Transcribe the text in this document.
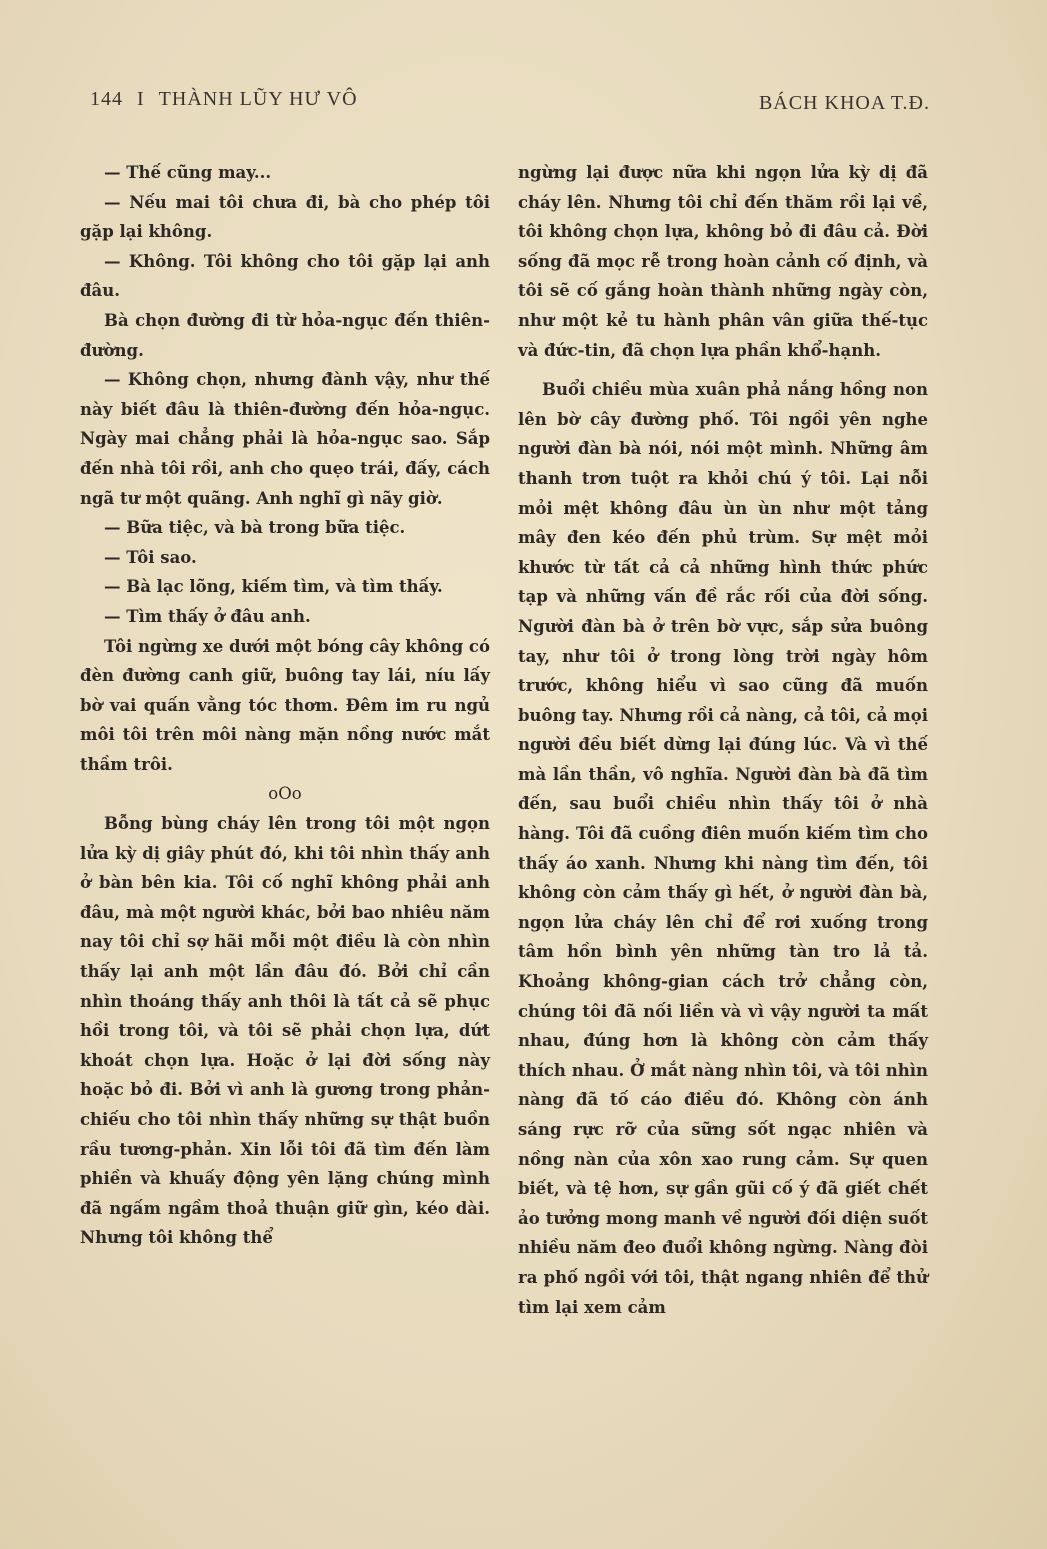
144 I THÀNH LŨY HƯ VÔ	BÁCH KHOA T.Đ.

— Thế cũng may...

— Nếu mai tôi chưa đi, bà cho phép tôi gặp lại không.

— Không. Tôi không cho tôi gặp lại anh đâu.

Bà chọn đường đi từ hỏa-ngục đến thiên-đường.

— Không chọn, nhưng đành vậy, như thế này biết đâu là thiên-đường đến hỏa-ngục. Ngày mai chẳng phải là hỏa-ngục sao. Sắp đến nhà tôi rồi, anh cho quẹo trái, đấy, cách ngã tư một quãng. Anh nghĩ gì nãy giờ.

— Bữa tiệc, và bà trong bữa tiệc.

— Tôi sao.

— Bà lạc lõng, kiếm tìm, và tìm thấy.

— Tìm thấy ở đâu anh.

Tôi ngừng xe dưới một bóng cây không có đèn đường canh giữ, buông tay lái, níu lấy bờ vai quấn vằng tóc thơm. Đêm im ru ngủ môi tôi trên môi nàng mặn nồng nước mắt thầm trôi.

oOo

Bỗng bùng cháy lên trong tôi một ngọn lửa kỳ dị giây phút đó, khi tôi nhìn thấy anh ở bàn bên kia. Tôi cố nghĩ không phải anh đâu, mà một người khác, bởi bao nhiêu năm nay tôi chỉ sợ hãi mỗi một điều là còn nhìn thấy lại anh một lần đâu đó. Bởi chỉ cần nhìn thoáng thấy anh thôi là tất cả sẽ phục hồi trong tôi, và tôi sẽ phải chọn lựa, dứt khoát chọn lựa. Hoặc ở lại đời sống này hoặc bỏ đi. Bởi vì anh là gương trong phản-chiếu cho tôi nhìn thấy những sự thật buồn rầu tương-phản. Xin lỗi tôi đã tìm đến làm phiền và khuấy động yên lặng chúng mình đã ngấm ngầm thoả thuận giữ gìn, kéo dài. Nhưng tôi không thể

ngừng lại được nữa khi ngọn lửa kỳ dị đã cháy lên. Nhưng tôi chỉ đến thăm rồi lại về, tôi không chọn lựa, không bỏ đi đâu cả. Đời sống đã mọc rễ trong hoàn cảnh cố định, và tôi sẽ cố gắng hoàn thành những ngày còn, như một kẻ tu hành phân vân giữa thế-tục và đức-tin, đã chọn lựa phần khổ-hạnh.

Buổi chiều mùa xuân phả nắng hồng non lên bờ cây đường phố. Tôi ngồi yên nghe người đàn bà nói, nói một mình. Những âm thanh trơn tuột ra khỏi chú ý tôi. Lại nỗi mỏi mệt không đâu ùn ùn như một tảng mây đen kéo đến phủ trùm. Sự mệt mỏi khước từ tất cả cả những hình thức phức tạp và những vấn đề rắc rối của đời sống. Người đàn bà ở trên bờ vực, sắp sửa buông tay, như tôi ở trong lòng trời ngày hôm trước, không hiểu vì sao cũng đã muốn buông tay. Nhưng rồi cả nàng, cả tôi, cả mọi người đều biết dừng lại đúng lúc. Và vì thế mà lần thần, vô nghĩa. Người đàn bà đã tìm đến, sau buổi chiều nhìn thấy tôi ở nhà hàng. Tôi đã cuồng điên muốn kiếm tìm cho thấy áo xanh. Nhưng khi nàng tìm đến, tôi không còn cảm thấy gì hết, ở người đàn bà, ngọn lửa cháy lên chỉ để rơi xuống trong tâm hồn bình yên những tàn tro lả tả. Khoảng không-gian cách trở chẳng còn, chúng tôi đã nối liền và vì vậy người ta mất nhau, đúng hơn là không còn cảm thấy thích nhau. Ở mắt nàng nhìn tôi, và tôi nhìn nàng đã tố cáo điều đó. Không còn ánh sáng rực rỡ của sững sốt ngạc nhiên và nồng nàn của xôn xao rung cảm. Sự quen biết, và tệ hơn, sự gần gũi cố ý đã giết chết ảo tưởng mong manh về người đối diện suốt nhiều năm đeo đuổi không ngừng. Nàng đòi ra phố ngồi với tôi, thật ngang nhiên để thử tìm lại xem cảm
